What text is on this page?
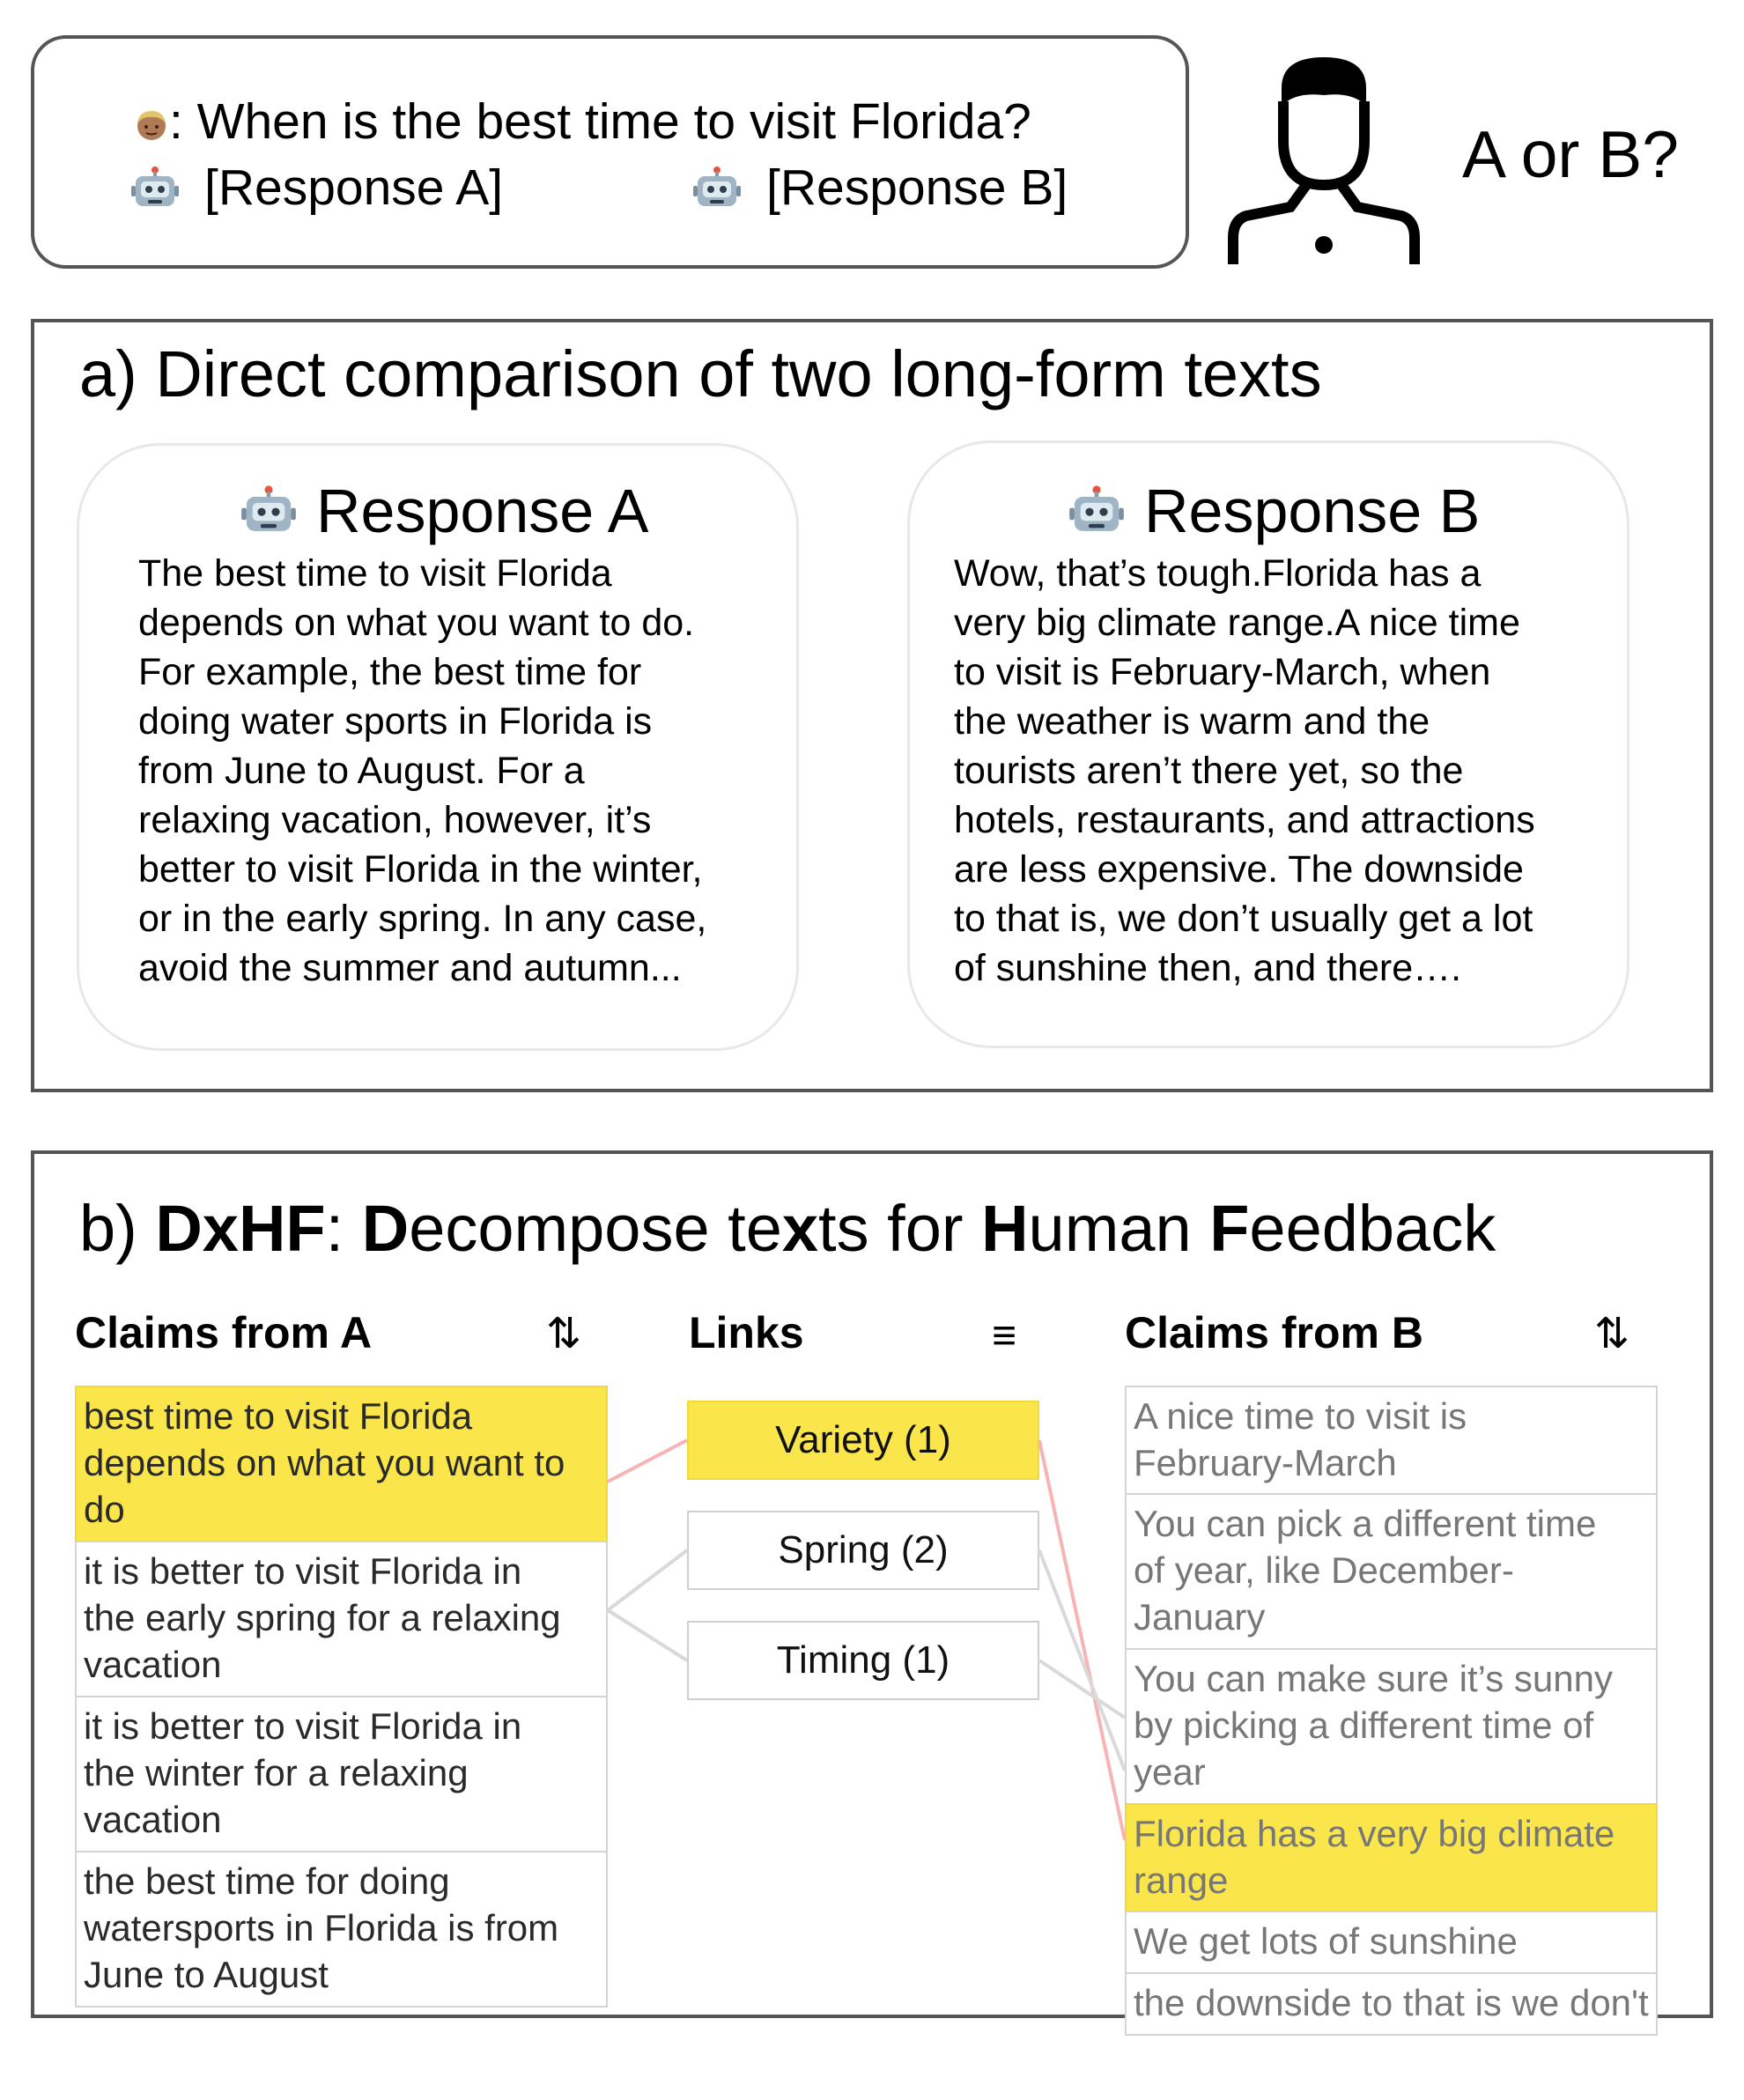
: When is the best time to visit Florida?
[Response A]	[Response B]	A or B?
a) Direct comparison of two long-form texts
Response A
The best time to visit Florida
depends on what you want to do.
For example, the best time for
doing water sports in Florida is
from June to August. For a
relaxing vacation, however, it’s
better to visit Florida in the winter,
or in the early spring. In any case,
avoid the summer and autumn...
Response B
Wow, that’s tough.Florida has a
very big climate range.A nice time
to visit is February-March, when
the weather is warm and the
tourists aren’t there yet, so the
hotels, restaurants, and attractions
are less expensive. The downside
to that is, we don’t usually get a lot
of sunshine then, and there….
b) DxHF: Decompose texts for Human Feedback
Claims from A	⇅ Links	≡ Claims from B	⇅
best time to visit Florida
depends on what you want to
do
it is better to visit Florida in
the early spring for a relaxing
vacation
it is better to visit Florida in
the winter for a relaxing
vacation
the best time for doing
watersports in Florida is from
June to August
Variety (1)
Spring (2)
Timing (1)
A nice time to visit is
February-March
You can pick a different time
of year, like December-
January
You can make sure it’s sunny
by picking a different time of
year
Florida has a very big climate
range
We get lots of sunshine
the downside to that is we don't
